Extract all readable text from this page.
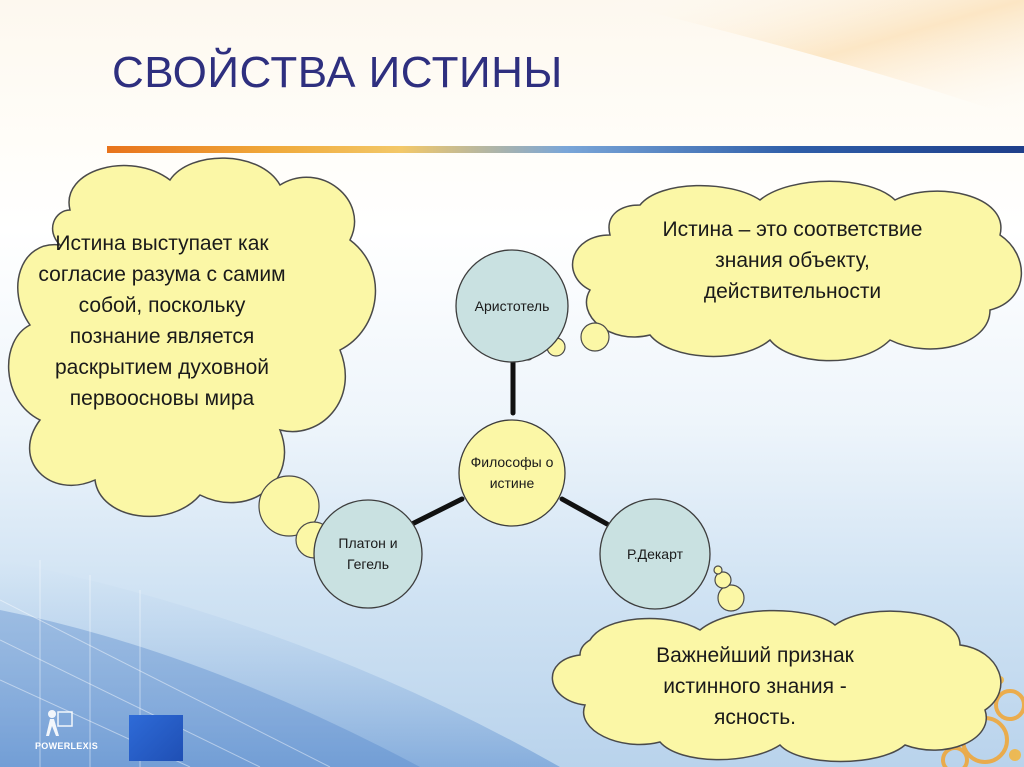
СВОЙСТВА ИСТИНЫ
Истина выступает как согласие разума с самим собой, поскольку познание является раскрытием духовной первоосновы мира
Истина – это соответствие знания объекту, действительности
Важнейший признак истинного знания - ясность.
Аристотель
Философы о истине
Платон и Гегель
Р.Декарт
POWERLEXIS
